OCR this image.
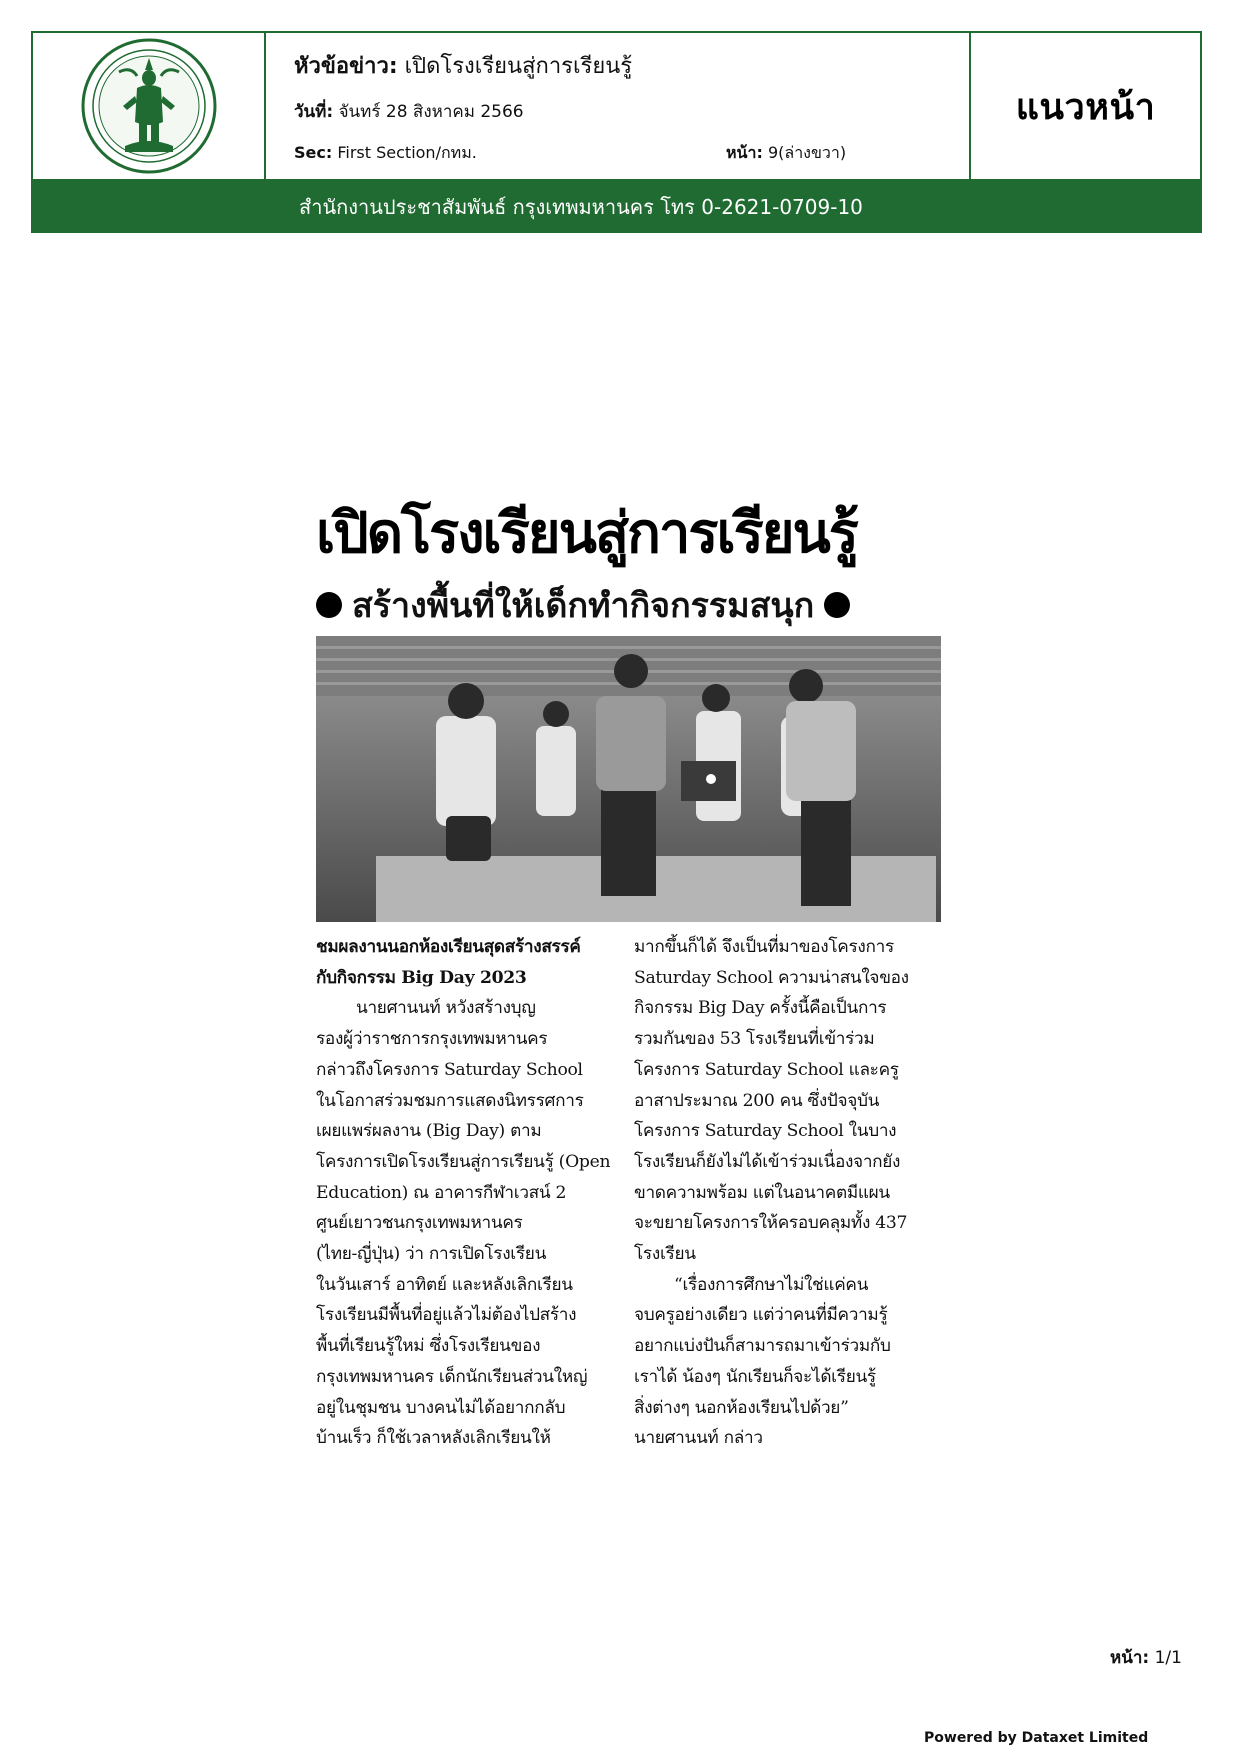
หัวข้อข่าว: เปิดโรงเรียนสู่การเรียนรู้
วันที่: จันทร์ 28 สิงหาคม 2566
Sec: First Section/กทม.	หน้า: 9(ล่างขวา)
แนวหน้า
สำนักงานประชาสัมพันธ์ กรุงเทพมหานคร โทร 0-2621-0709-10
เปิดโรงเรียนสู่การเรียนรู้
สร้างพื้นที่ให้เด็กทำกิจกรรมสนุก

ชมผลงานนอกห้องเรียนสุดสร้างสรรค์

กับกิจกรรม Big Day 2023

นายศานนท์ หวังสร้างบุญ

รองผู้ว่าราชการกรุงเทพมหานคร

กล่าวถึงโครงการ Saturday School

ในโอกาสร่วมชมการแสดงนิทรรศการ

เผยแพร่ผลงาน (Big Day) ตาม

โครงการเปิดโรงเรียนสู่การเรียนรู้ (Open

Education) ณ อาคารกีฬาเวสน์ 2

ศูนย์เยาวชนกรุงเทพมหานคร

(ไทย-ญี่ปุ่น) ว่า การเปิดโรงเรียน

ในวันเสาร์ อาทิตย์ และหลังเลิกเรียน

โรงเรียนมีพื้นที่อยู่แล้วไม่ต้องไปสร้าง

พื้นที่เรียนรู้ใหม่ ซึ่งโรงเรียนของ

กรุงเทพมหานคร เด็กนักเรียนส่วนใหญ่

อยู่ในชุมชน บางคนไม่ได้อยากกลับ

บ้านเร็ว ก็ใช้เวลาหลังเลิกเรียนให้

มากขึ้นก็ได้ จึงเป็นที่มาของโครงการ

Saturday School ความน่าสนใจของ

กิจกรรม Big Day ครั้งนี้คือเป็นการ

รวมกันของ 53 โรงเรียนที่เข้าร่วม

โครงการ Saturday School และครู

อาสาประมาณ 200 คน ซึ่งปัจจุบัน

โครงการ Saturday School ในบาง

โรงเรียนก็ยังไม่ได้เข้าร่วมเนื่องจากยัง

ขาดความพร้อม แต่ในอนาคตมีแผน

จะขยายโครงการให้ครอบคลุมทั้ง 437

โรงเรียน

“เรื่องการศึกษาไม่ใช่แค่คน

จบครูอย่างเดียว แต่ว่าคนที่มีความรู้

อยากแบ่งปันก็สามารถมาเข้าร่วมกับ

เราได้ น้องๆ นักเรียนก็จะได้เรียนรู้

สิ่งต่างๆ นอกห้องเรียนไปด้วย”

นายศานนท์ กล่าว

หน้า: 1/1
Powered by Dataxet Limited
